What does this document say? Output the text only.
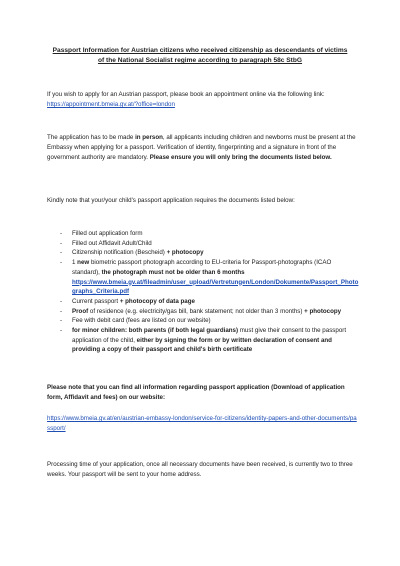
Passport Information for Austrian citizens who received citizenship as descendants of victims of the National Socialist regime according to paragraph 58c StbG
If you wish to apply for an Austrian passport, please book an appointment online via the following link: https://appointment.bmeia.gv.at/?office=london
The application has to be made in person, all applicants including children and newborns must be present at the Embassy when applying for a passport. Verification of identity, fingerprinting and a signature in front of the government authority are mandatory. Please ensure you will only bring the documents listed below.
Kindly note that your/your child's passport application requires the documents listed below:
- Filled out application form
- Filled out Affidavit Adult/Child
- Citizenship notification (Bescheid) + photocopy
- 1 new biometric passport photograph according to EU-criteria for Passport-photographs (ICAO standard), the photograph must not be older than 6 months
https://www.bmeia.gv.at/fileadmin/user_upload/Vertretungen/London/Dokumente/Passport_Photographs_Criteria.pdf
- Current passport + photocopy of data page
- Proof of residence (e.g. electricity/gas bill, bank statement; not older than 3 months) + photocopy
- Fee with debit card (fees are listed on our website)
- for minor children: both parents (if both legal guardians) must give their consent to the passport application of the child, either by signing the form or by written declaration of consent and providing a copy of their passport and child's birth certificate
Please note that you can find all information regarding passport application (Download of application form, Affidavit and fees) on our website:
https://www.bmeia.gv.at/en/austrian-embassy-london/service-for-citizens/identity-papers-and-other-documents/passport/
Processing time of your application, once all necessary documents have been received, is currently two to three weeks. Your passport will be sent to your home address.
